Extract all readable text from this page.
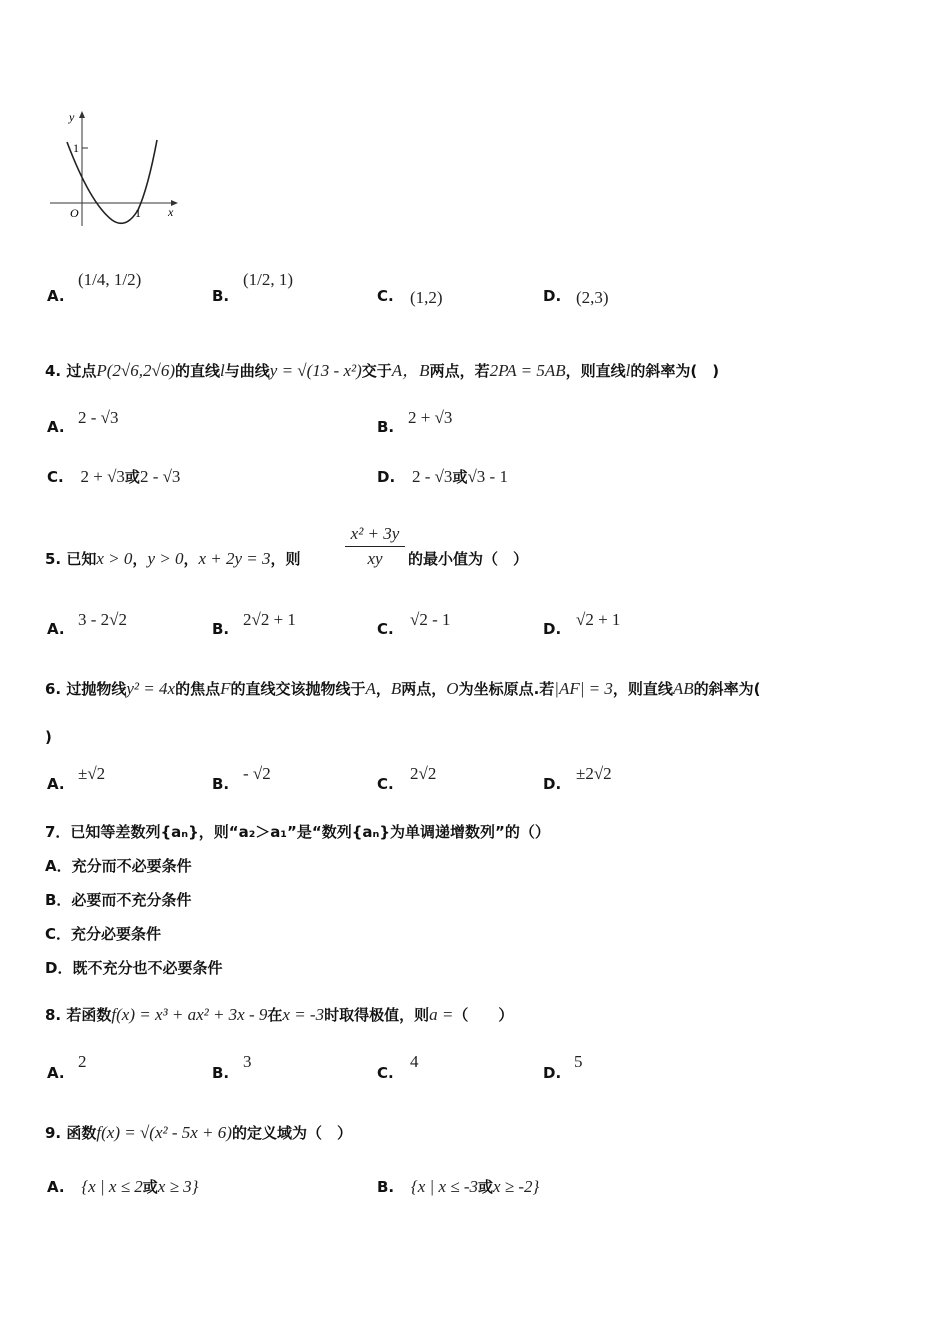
y
x
O
1
1
A.
(1/4, 1/2)
B.
(1/2, 1)
C. (1,2)	D. (2,3)
4. 过点P(2√6,2√6)的直线l与曲线y = √(13 - x²)交于A，B两点，若2PA = 5AB，则直线l的斜率为(　)
A. 2 - √3	B. 2 + √3
C. 2 + √3或2 - √3	D. 2 - √3或√3 - 1
5. 已知x > 0，y > 0，x + 2y = 3，则	$\frac{\text{x² + 3y}}{xy}$ 的最小值为（　）
A. 3 - 2√2	B. 2√2 + 1	C. √2 - 1	D. √2 + 1
6. 过抛物线y² = 4x的焦点F的直线交该抛物线于A，B两点，O为坐标原点.若|AF| = 3，则直线AB的斜率为(
)
A.
±√2
B.
- √2
C.
2√2
D.
±2√2
7．已知等差数列{aₙ}，则“a₂＞a₁”是“数列{aₙ}为单调递增数列”的（）
A．充分而不必要条件
B．必要而不充分条件
C．充分必要条件
D．既不充分也不必要条件
8. 若函数f(x) = x³ + ax² + 3x - 9在x = -3时取得极值，则a =（　　）
A.
2
B.
3
C.
4
D.
5
9. 函数f(x) = √(x² - 5x + 6)的定义域为（　）
A. {x | x ≤ 2或x ≥ 3}	B. {x | x ≤ -3或x ≥ -2}
